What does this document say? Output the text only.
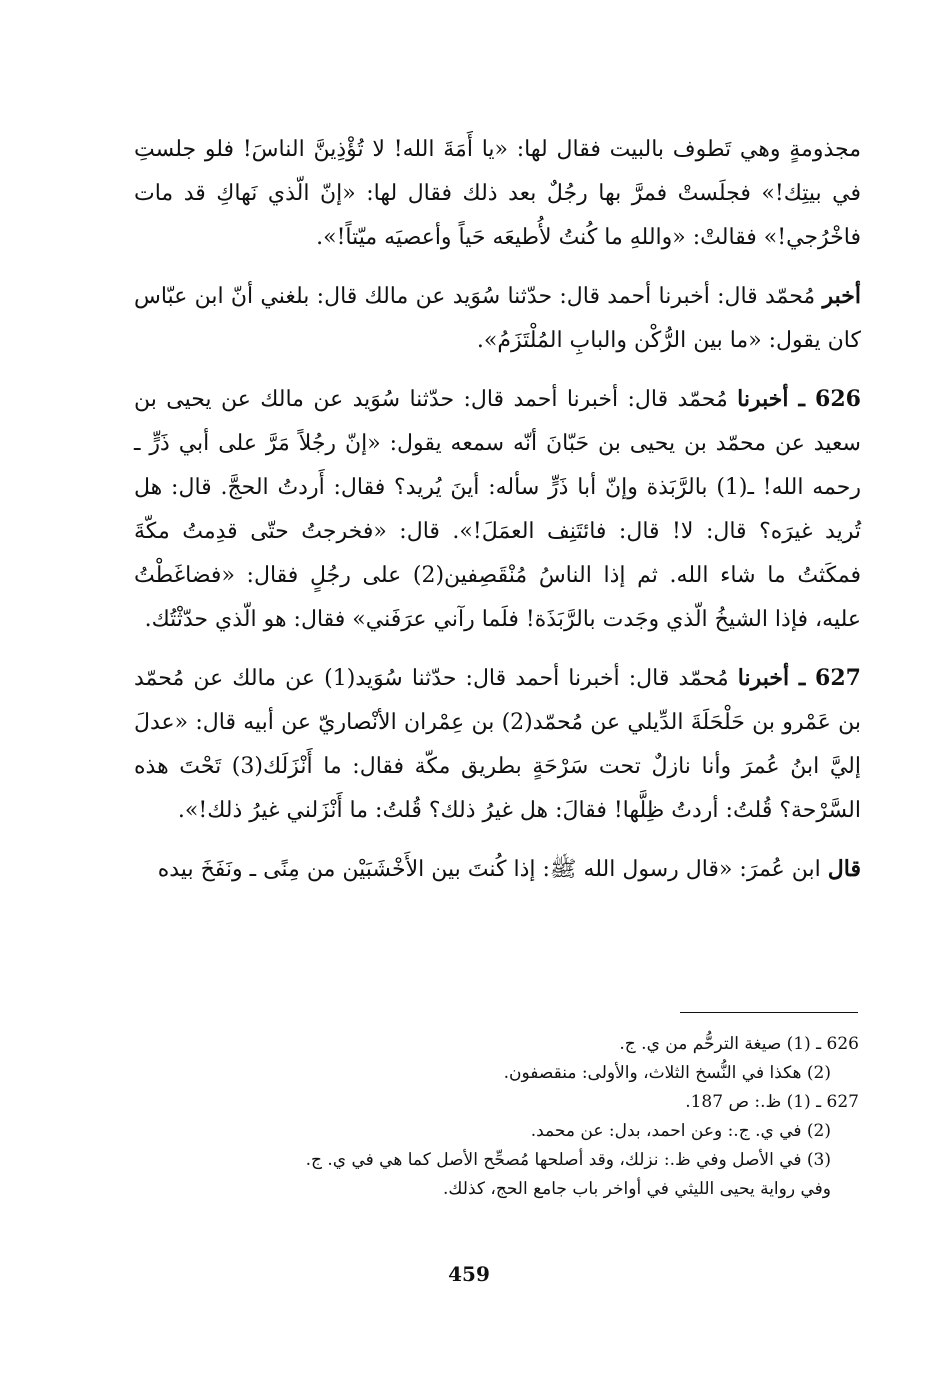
مجذومةٍ وهي تَطوف بالبيت فقال لها: «يا أَمَةَ الله! لا تُؤْذِينَّ الناسَ! فلو جلستِ في بيتِك!» فجلَستْ فمرَّ بها رجُلٌ بعد ذلك فقال لها: «إنّ الّذي نَهاكِ قد مات فاخْرُجي!» فقالتْ: «واللهِ ما كُنتُ لأُطيعَه حَياً وأعصيَه ميّتاً!».

أخبر مُحمّد قال: أخبرنا أحمد قال: حدّثنا سُوَيد عن مالك قال: بلغني أنّ ابن عبّاس كان يقول: «ما بين الرُّكْن والبابِ المُلْتَزَمُ».

626 ـ أخبرنا مُحمّد قال: أخبرنا أحمد قال: حدّثنا سُوَيد عن مالك عن يحيى بن سعيد عن محمّد بن يحيى بن حَبّانَ أنّه سمعه يقول: «إنّ رجُلاً مَرَّ على أبي ذَرٍّ ـ رحمه الله! ـ(1) بالرَّبَذة وإنّ أبا ذَرٍّ سأله: أينَ يُريد؟ فقال: أَردتُ الحجَّ. قال: هل تُريد غيرَه؟ قال: لا! قال: فائتَنِف العمَلَ!». قال: «فخرجتُ حتّى قدِمتُ مكّةَ فمكَثتُ ما شاء الله. ثم إذا الناسُ مُنْقَصِفين(2) على رجُلٍ فقال: «فضاغَطْتُ عليه، فإذا الشيخُ الّذي وجَدت بالرَّبَذَة! فلَما رآني عرَفَني» فقال: هو الّذي حدّثْتُك.

627 ـ أخبرنا مُحمّد قال: أخبرنا أحمد قال: حدّثنا سُوَيد(1) عن مالك عن مُحمّد بن عَمْرو بن حَلْحَلَةَ الدِّيلي عن مُحمّد(2) بن عِمْران الأنْصاريّ عن أبيه قال: «عدلَ إليَّ ابنُ عُمرَ وأنا نازلٌ تحت سَرْحَةٍ بطريق مكّة فقال: ما أَنْزَلَك(3) تَحْتَ هذه السَّرْحة؟ قُلتُ: أردتُ ظِلَّها! فقالَ: هل غيرُ ذلك؟ قُلتُ: ما أَنْزَلني غيرُ ذلك!».

قال ابن عُمرَ: «قال رسول الله ﷺ: إذا كُنتَ بين الأَخْشَبَيْن من مِنًى ـ ونَفَخَ بيده

626 ـ (1) صيغة الترحُّم من ي. ج.

(2) هكذا في النُّسخ الثلاث، والأولى: منقصفون.

627 ـ (1) ظ.: ص 187.

(2) في ي. ج.: وعن احمد، بدل: عن محمد.

(3) في الأصل وفي ظ.: نزلك، وقد أصلحها مُصحِّح الأصل كما هي في ي. ج.

وفي رواية يحيى الليثي في أواخر باب جامع الحج، كذلك.

459
